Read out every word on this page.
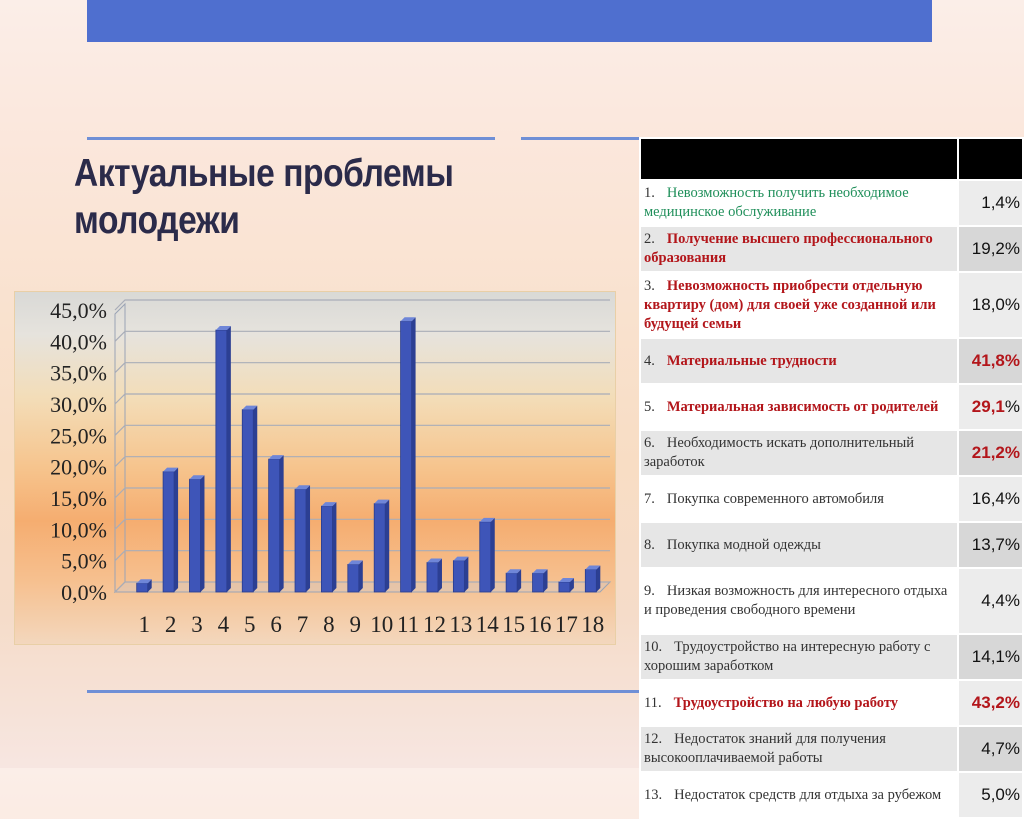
Актуальные проблемы
молодежи
0,0%
5,0%
10,0%
15,0%
20,0%
25,0%
30,0%
35,0%
40,0%
45,0%
1 2 3 4 5 6 7 8 9 10 11 12 13 14 15 16 17 18

1. Невозможность получить необходимое медицинское обслуживание	1,4%
2. Получение высшего профессионального образования	19,2%
3. Невозможность приобрести отдельную квартиру (дом) для своей уже созданной или будущей семьи	18,0%
4. Материальные трудности	41,8%
5. Материальная зависимость от родителей	29,1%
6. Необходимость искать дополнительный заработок	21,2%
7. Покупка современного автомобиля	16,4%
8. Покупка модной одежды	13,7%
9. Низкая возможность для интересного отдыха и проведения свободного времени	4,4%
10. Трудоустройство на интересную работу с хорошим заработком	14,1%
11. Трудоустройство на любую работу	43,2%
12. Недостаток знаний для получения высокооплачиваемой работы	4,7%
13. Недостаток средств для отдыха за рубежом	5,0%
